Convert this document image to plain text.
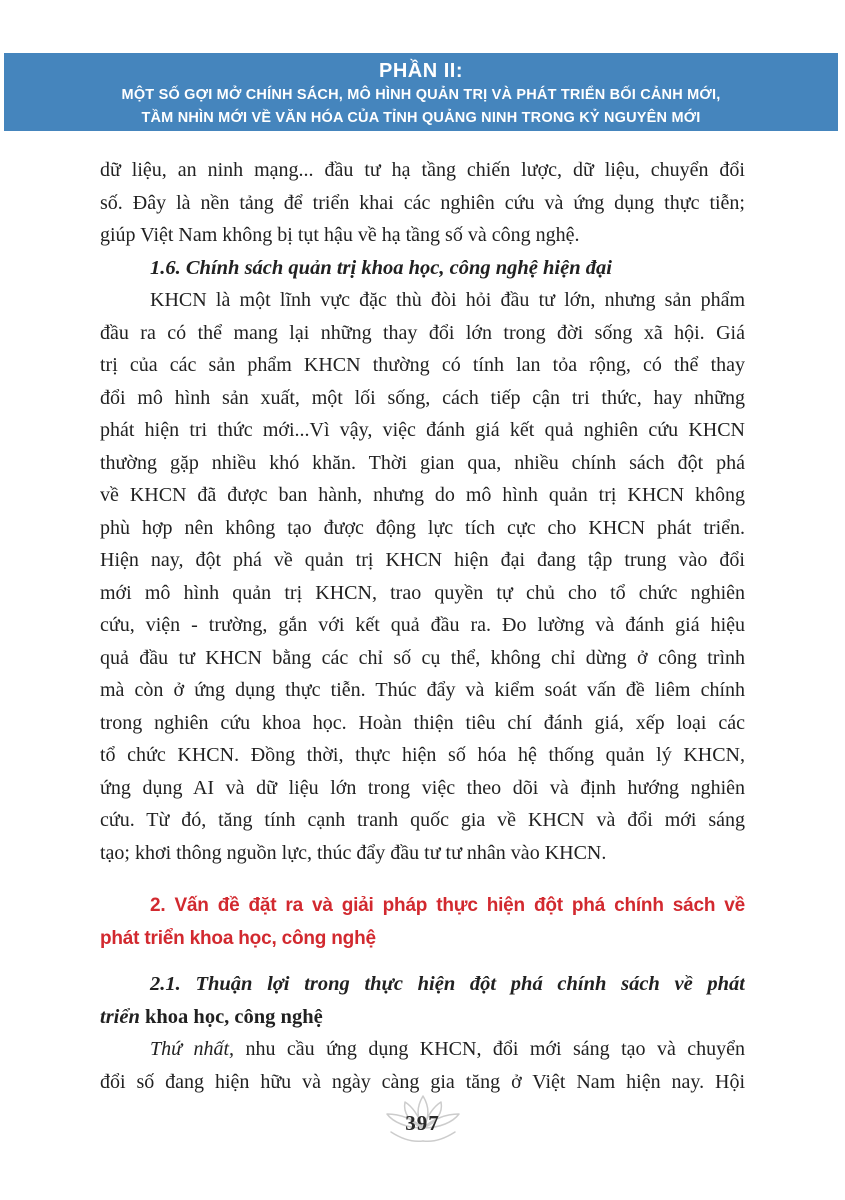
PHẦN II:
MỘT SỐ GỢI MỞ CHÍNH SÁCH, MÔ HÌNH QUẢN TRỊ VÀ PHÁT TRIỂN BỐI CẢNH MỚI,
TẦM NHÌN MỚI VỀ VĂN HÓA CỦA TỈNH QUẢNG NINH TRONG KỶ NGUYÊN MỚI
dữ liệu, an ninh mạng... đầu tư hạ tầng chiến lược, dữ liệu, chuyển đổi
số. Đây là nền tảng để triển khai các nghiên cứu và ứng dụng thực tiễn;
giúp Việt Nam không bị tụt hậu về hạ tầng số và công nghệ.
1.6. Chính sách quản trị khoa học, công nghệ hiện đại
KHCN là một lĩnh vực đặc thù đòi hỏi đầu tư lớn, nhưng sản phẩm
đầu ra có thể mang lại những thay đổi lớn trong đời sống xã hội. Giá
trị của các sản phẩm KHCN thường có tính lan tỏa rộng, có thể thay
đổi mô hình sản xuất, một lối sống, cách tiếp cận tri thức, hay những
phát hiện tri thức mới...Vì vậy, việc đánh giá kết quả nghiên cứu KHCN
thường gặp nhiều khó khăn. Thời gian qua, nhiều chính sách đột phá
về KHCN đã được ban hành, nhưng do mô hình quản trị KHCN không
phù hợp nên không tạo được động lực tích cực cho KHCN phát triển.
Hiện nay, đột phá về quản trị KHCN hiện đại đang tập trung vào đổi
mới mô hình quản trị KHCN, trao quyền tự chủ cho tổ chức nghiên
cứu, viện - trường, gắn với kết quả đầu ra. Đo lường và đánh giá hiệu
quả đầu tư KHCN bằng các chỉ số cụ thể, không chỉ dừng ở công trình
mà còn ở ứng dụng thực tiễn. Thúc đẩy và kiểm soát vấn đề liêm chính
trong nghiên cứu khoa học. Hoàn thiện tiêu chí đánh giá, xếp loại các
tổ chức KHCN. Đồng thời, thực hiện số hóa hệ thống quản lý KHCN,
ứng dụng AI và dữ liệu lớn trong việc theo dõi và định hướng nghiên
cứu. Từ đó, tăng tính cạnh tranh quốc gia về KHCN và đổi mới sáng
tạo; khơi thông nguồn lực, thúc đẩy đầu tư tư nhân vào KHCN.
2. Vấn đề đặt ra và giải pháp thực hiện đột phá chính sách về
phát triển khoa học, công nghệ
2.1. Thuận lợi trong thực hiện đột phá chính sách về phát
triển khoa học, công nghệ
Thứ nhất, nhu cầu ứng dụng KHCN, đổi mới sáng tạo và chuyển
đổi số đang hiện hữu và ngày càng gia tăng ở Việt Nam hiện nay. Hội
397
